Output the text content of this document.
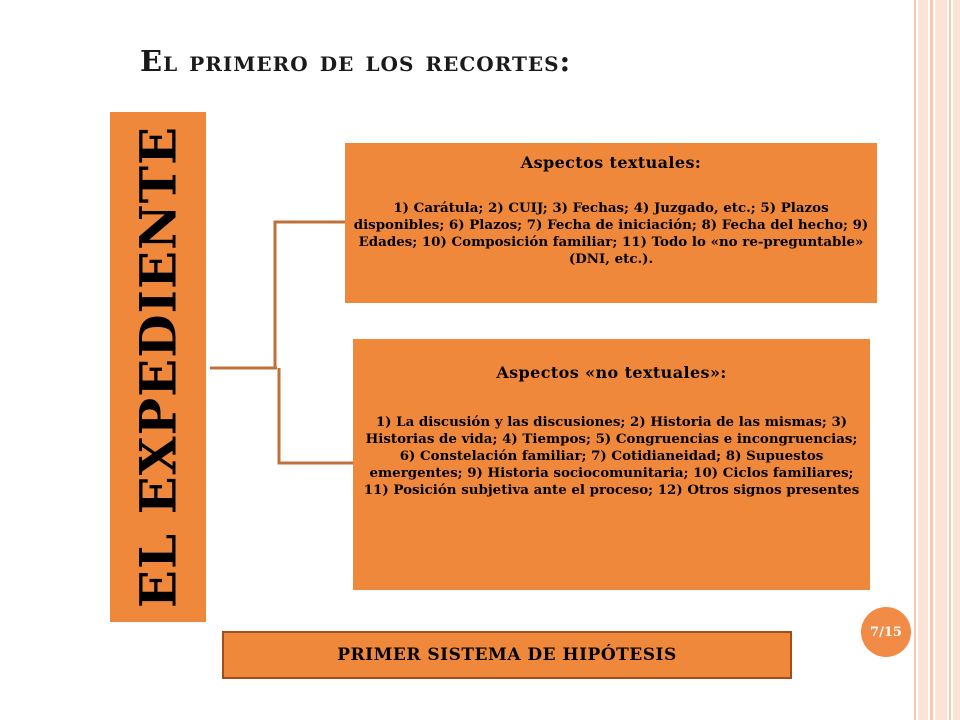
El primero de los recortes:
EL EXPEDIENTE	Aspectos textuales:
1) Carátula; 2) CUIJ; 3) Fechas; 4) Juzgado, etc.; 5) Plazos disponibles; 6) Plazos; 7) Fecha de iniciación; 8) Fecha del hecho; 9) Edades; 10) Composición familiar; 11) Todo lo «no re-preguntable» (DNI, etc.).
Aspectos «no textuales»:
1) La discusión y las discusiones; 2) Historia de las mismas; 3) Historias de vida; 4) Tiempos; 5) Congruencias e incongruencias; 6) Constelación familiar; 7) Cotidianeidad; 8) Supuestos emergentes; 9) Historia sociocomunitaria; 10) Ciclos familiares; 11) Posición subjetiva ante el proceso; 12) Otros signos presentes
PRIMER SISTEMA DE HIPÓTESIS
7/15
